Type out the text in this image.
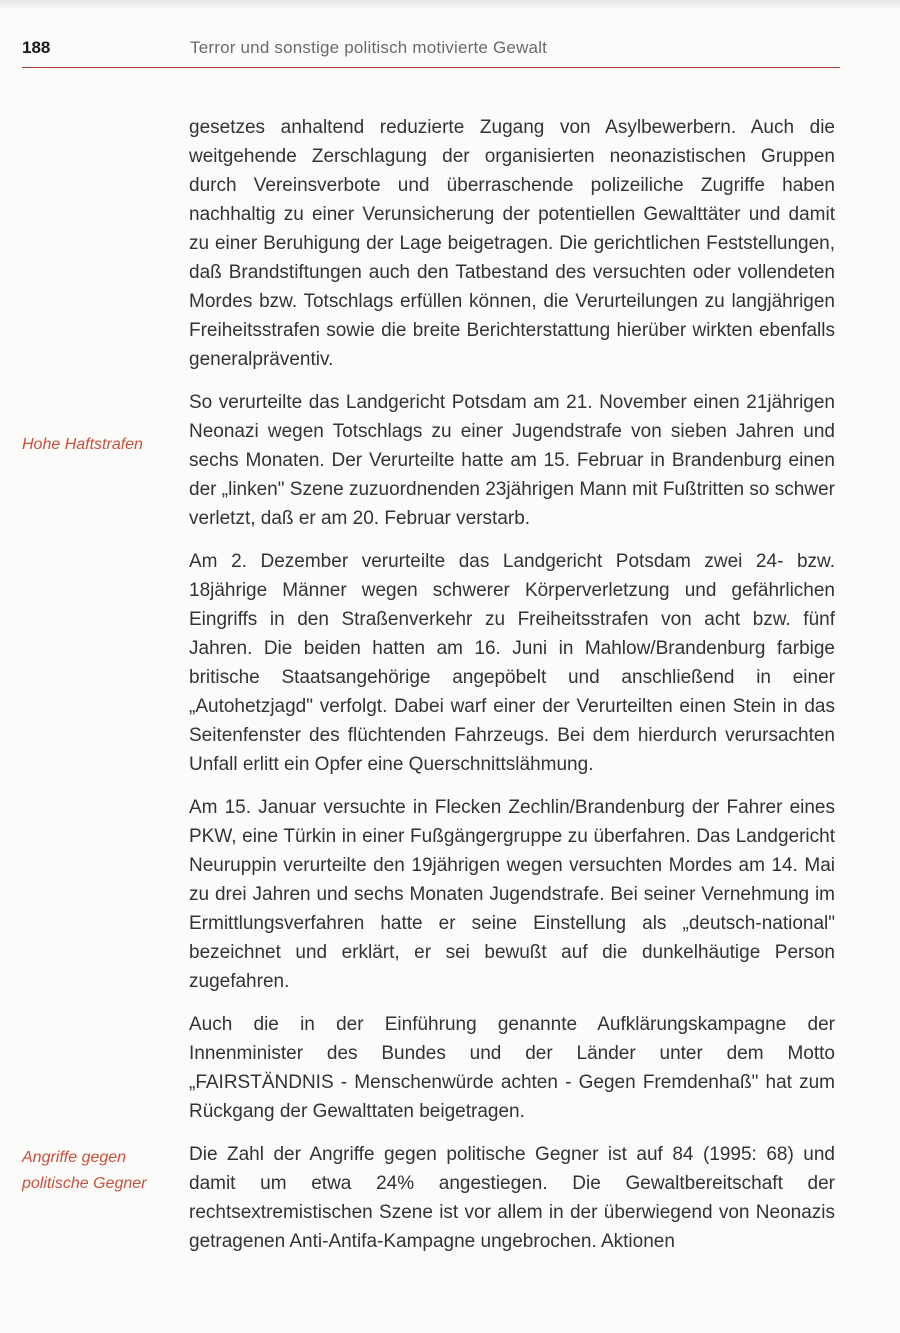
188	Terror und sonstige politisch motivierte Gewalt
Hohe Haftstrafen
Angriffe gegen
politische Gegner

gesetzes anhaltend reduzierte Zugang von Asylbewerbern. Auch die weitgehende Zerschlagung der organisierten neonazistischen Gruppen durch Vereinsverbote und überraschende polizeiliche Zugriffe haben nachhaltig zu einer Verunsicherung der potentiellen Gewalttäter und damit zu einer Beruhigung der Lage beigetragen. Die gerichtlichen Feststellungen, daß Brandstiftungen auch den Tatbestand des versuchten oder vollendeten Mordes bzw. Totschlags erfüllen können, die Verurteilungen zu langjährigen Freiheitsstrafen sowie die breite Berichterstattung hierüber wirkten ebenfalls generalpräventiv.

So verurteilte das Landgericht Potsdam am 21. November einen 21jährigen Neonazi wegen Totschlags zu einer Jugendstrafe von sieben Jahren und sechs Monaten. Der Verurteilte hatte am 15. Februar in Brandenburg einen der „linken" Szene zuzuordnenden 23jährigen Mann mit Fußtritten so schwer verletzt, daß er am 20. Februar verstarb.

Am 2. Dezember verurteilte das Landgericht Potsdam zwei 24- bzw. 18jährige Männer wegen schwerer Körperverletzung und gefährlichen Eingriffs in den Straßenverkehr zu Freiheitsstrafen von acht bzw. fünf Jahren. Die beiden hatten am 16. Juni in Mahlow/Brandenburg farbige britische Staatsangehörige angepöbelt und anschließend in einer „Autohetzjagd" verfolgt. Dabei warf einer der Verurteilten einen Stein in das Seitenfenster des flüchtenden Fahrzeugs. Bei dem hierdurch verursachten Unfall erlitt ein Opfer eine Querschnittslähmung.

Am 15. Januar versuchte in Flecken Zechlin/Brandenburg der Fahrer eines PKW, eine Türkin in einer Fußgängergruppe zu überfahren. Das Landgericht Neuruppin verurteilte den 19jährigen wegen versuchten Mordes am 14. Mai zu drei Jahren und sechs Monaten Jugendstrafe. Bei seiner Vernehmung im Ermittlungsverfahren hatte er seine Einstellung als „deutsch-national" bezeichnet und erklärt, er sei bewußt auf die dunkelhäutige Person zugefahren.

Auch die in der Einführung genannte Aufklärungskampagne der Innenminister des Bundes und der Länder unter dem Motto „FAIRSTÄNDNIS - Menschenwürde achten - Gegen Fremdenhaß" hat zum Rückgang der Gewalttaten beigetragen.

Die Zahl der Angriffe gegen politische Gegner ist auf 84 (1995: 68) und damit um etwa 24% angestiegen. Die Gewaltbereitschaft der rechtsextremistischen Szene ist vor allem in der überwiegend von Neonazis getragenen Anti-Antifa-Kampagne ungebrochen. Aktionen
